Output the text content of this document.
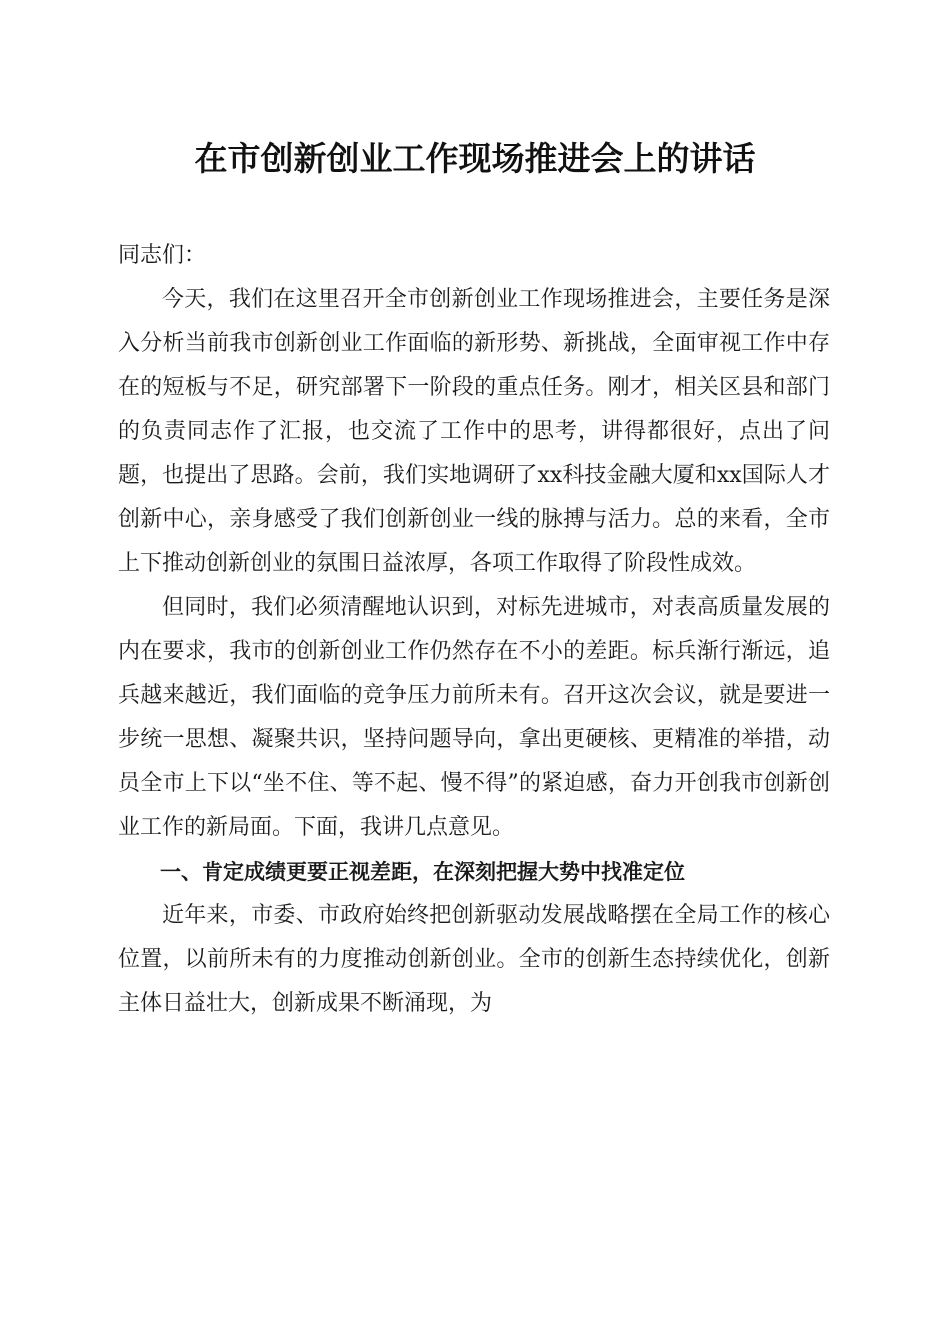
在市创新创业工作现场推进会上的讲话

同志们：

今天，我们在这里召开全市创新创业工作现场推进会，主要任务是深入分析当前我市创新创业工作面临的新形势、新挑战，全面审视工作中存在的短板与不足，研究部署下一阶段的重点任务。刚才，相关区县和部门的负责同志作了汇报，也交流了工作中的思考，讲得都很好，点出了问题，也提出了思路。会前，我们实地调研了xx科技金融大厦和xx国际人才创新中心，亲身感受了我们创新创业一线的脉搏与活力。总的来看，全市上下推动创新创业的氛围日益浓厚，各项工作取得了阶段性成效。

但同时，我们必须清醒地认识到，对标先进城市，对表高质量发展的内在要求，我市的创新创业工作仍然存在不小的差距。标兵渐行渐远，追兵越来越近，我们面临的竞争压力前所未有。召开这次会议，就是要进一步统一思想、凝聚共识，坚持问题导向，拿出更硬核、更精准的举措，动员全市上下以“坐不住、等不起、慢不得”的紧迫感，奋力开创我市创新创业工作的新局面。下面，我讲几点意见。

一、肯定成绩更要正视差距，在深刻把握大势中找准定位

近年来，市委、市政府始终把创新驱动发展战略摆在全局工作的核心位置，以前所未有的力度推动创新创业。全市的创新生态持续优化，创新主体日益壮大，创新成果不断涌现，为
